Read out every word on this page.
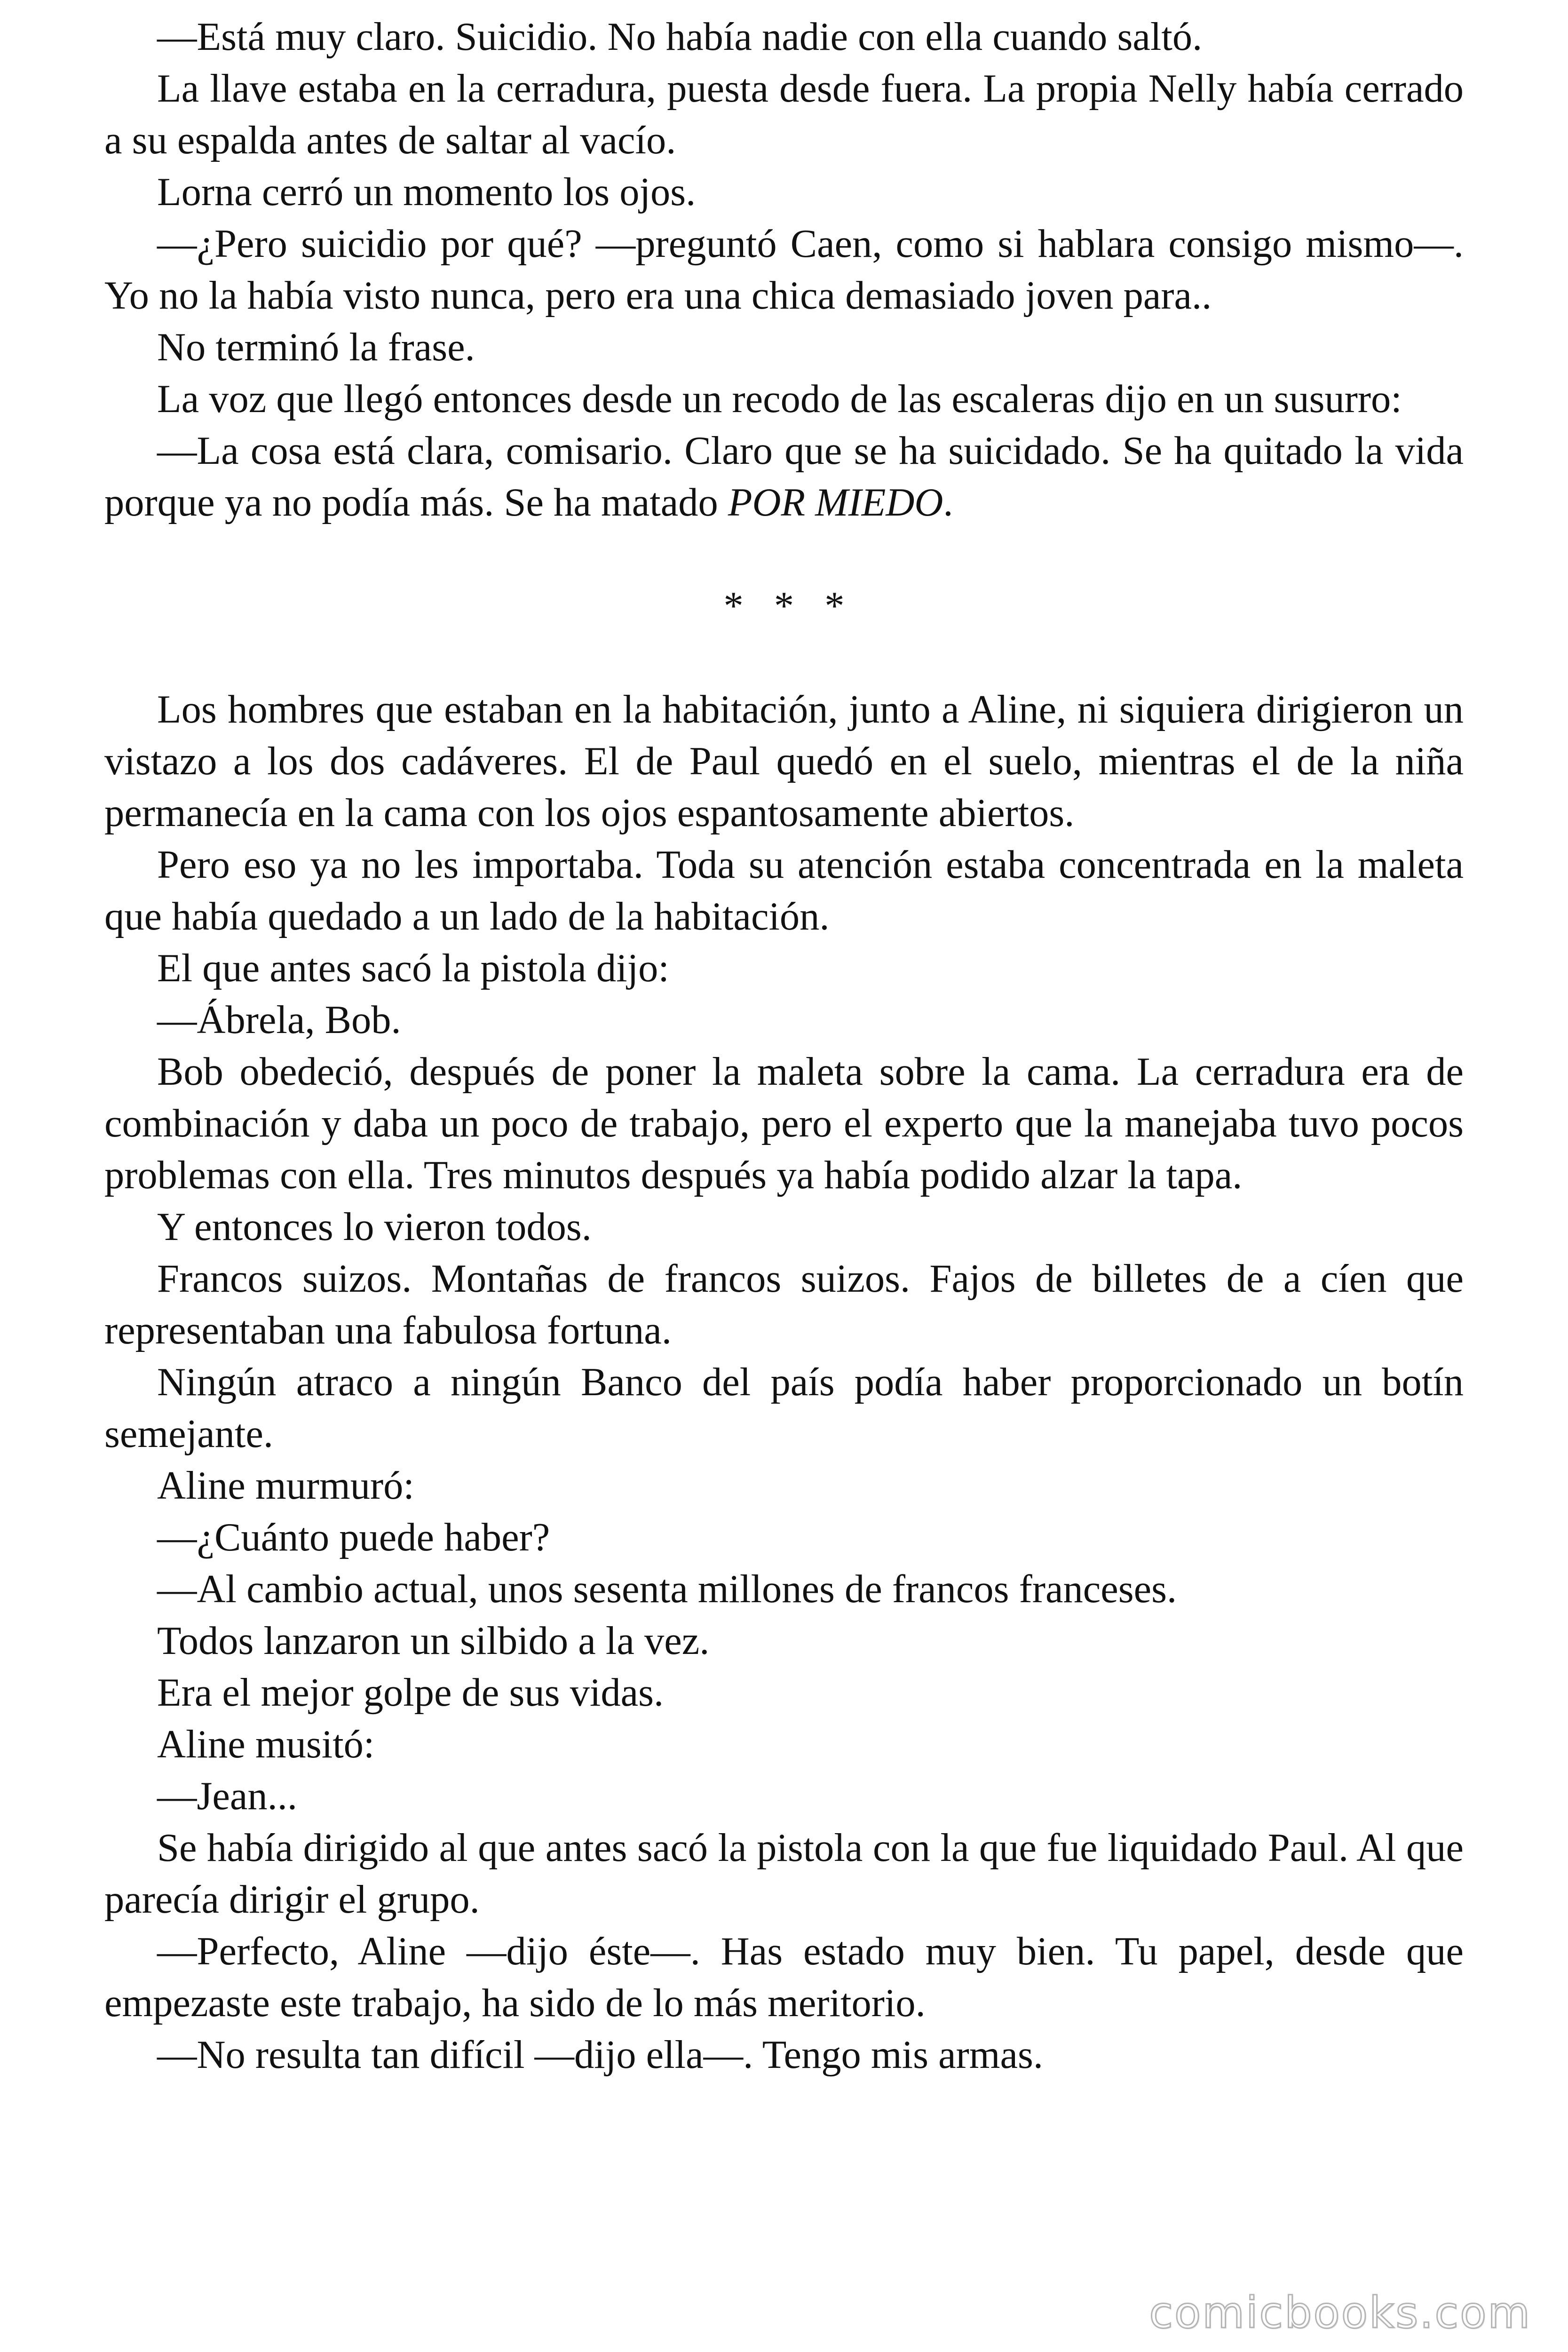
—Está muy claro. Suicidio. No había nadie con ella cuando saltó.

La llave estaba en la cerradura, puesta desde fuera. La propia Nelly había cerrado a su espalda antes de saltar al vacío.

Lorna cerró un momento los ojos.

—¿Pero suicidio por qué? —preguntó Caen, como si hablara consigo mismo—. Yo no la había visto nunca, pero era una chica demasiado joven para..

No terminó la frase.

La voz que llegó entonces desde un recodo de las escaleras dijo en un susurro:

—La cosa está clara, comisario. Claro que se ha suicidado. Se ha quitado la vida porque ya no podía más. Se ha matado POR MIEDO.

* * *

Los hombres que estaban en la habitación, junto a Aline, ni siquiera dirigieron un vistazo a los dos cadáveres. El de Paul quedó en el suelo, mientras el de la niña permanecía en la cama con los ojos espantosamente abiertos.

Pero eso ya no les importaba. Toda su atención estaba concentrada en la maleta que había quedado a un lado de la habitación.

El que antes sacó la pistola dijo:

—Ábrela, Bob.

Bob obedeció, después de poner la maleta sobre la cama. La cerradura era de combinación y daba un poco de trabajo, pero el experto que la manejaba tuvo pocos problemas con ella. Tres minutos después ya había podido alzar la tapa.

Y entonces lo vieron todos.

Francos suizos. Montañas de francos suizos. Fajos de billetes de a cíen que representaban una fabulosa fortuna.

Ningún atraco a ningún Banco del país podía haber proporcionado un botín semejante.

Aline murmuró:

—¿Cuánto puede haber?

—Al cambio actual, unos sesenta millones de francos franceses.

Todos lanzaron un silbido a la vez.

Era el mejor golpe de sus vidas.

Aline musitó:

—Jean...

Se había dirigido al que antes sacó la pistola con la que fue liquidado Paul. Al que parecía dirigir el grupo.

—Perfecto, Aline —dijo éste—. Has estado muy bien. Tu papel, desde que empezaste este trabajo, ha sido de lo más meritorio.

—No resulta tan difícil —dijo ella—. Tengo mis armas.

comicbooks.com
